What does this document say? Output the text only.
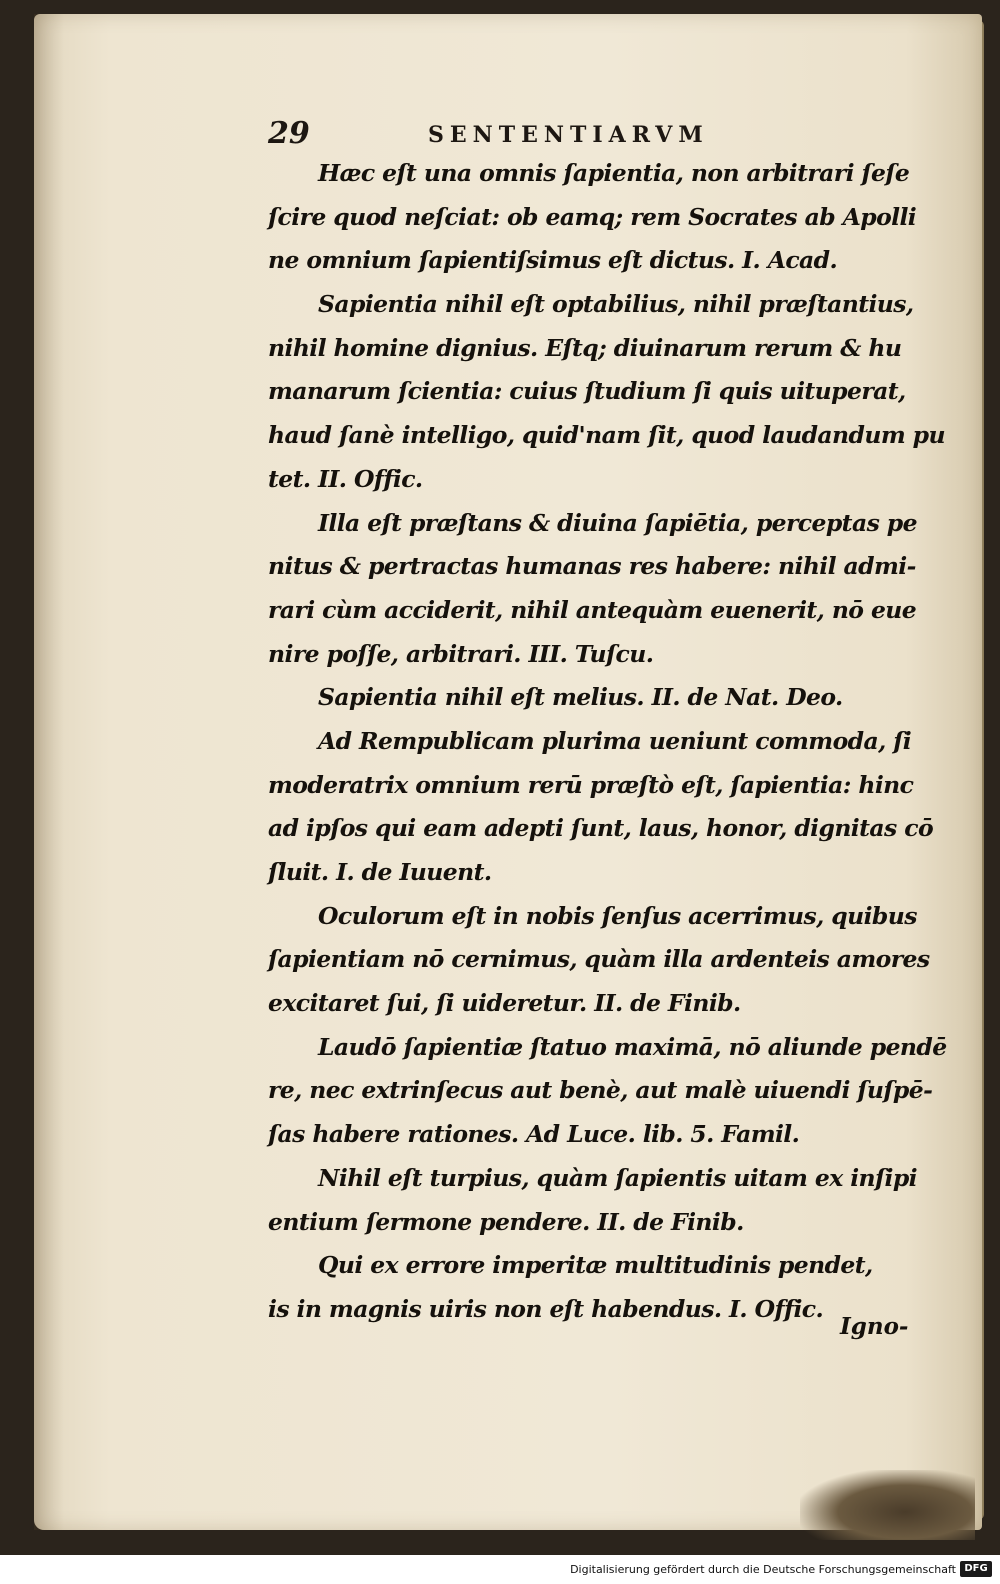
29	SENTENTIARVM
Hæc eſt una omnis ſapientia, non arbitrari ſeſe
ſcire quod neſciat: ob eamq; rem Socrates ab Apolli
ne omnium ſapientiſsimus eſt dictus. I. Acad.
Sapientia nihil eſt optabilius, nihil præſtantius,
nihil homine dignius. Eſtq; diuinarum rerum & hu
manarum ſcientia: cuius ſtudium ſi quis uituperat,
haud ſanè intelligo, quid'nam ſit, quod laudandum pu
tet. II. Offic.
Illa eſt præſtans & diuina ſapiētia, perceptas pe
nitus & pertractas humanas res habere: nihil admi-
rari cùm acciderit, nihil antequàm euenerit, nō eue
nire poſſe, arbitrari. III. Tuſcu.
Sapientia nihil eſt melius. II. de Nat. Deo.
Ad Rempublicam plurima ueniunt commoda, ſi
moderatrix omnium rerū præſtò eſt, ſapientia: hinc
ad ipſos qui eam adepti ſunt, laus, honor, dignitas cō
ſluit. I. de Iuuent.
Oculorum eſt in nobis ſenſus acerrimus, quibus
ſapientiam nō cernimus, quàm illa ardenteis amores
excitaret ſui, ſi uideretur. II. de Finib.
Laudō ſapientiæ ſtatuo maximā, nō aliunde pendē
re, nec extrinſecus aut benè, aut malè uiuendi ſuſpē-
ſas habere rationes. Ad Luce. lib. 5. Famil.
Nihil eſt turpius, quàm ſapientis uitam ex inſipi
entium ſermone pendere. II. de Finib.
Qui ex errore imperitæ multitudinis pendet,
is in magnis uiris non eſt habendus. I. Offic.
Igno-
Digitalisierung gefördert durch die Deutsche Forschungsgemeinschaft DFG
